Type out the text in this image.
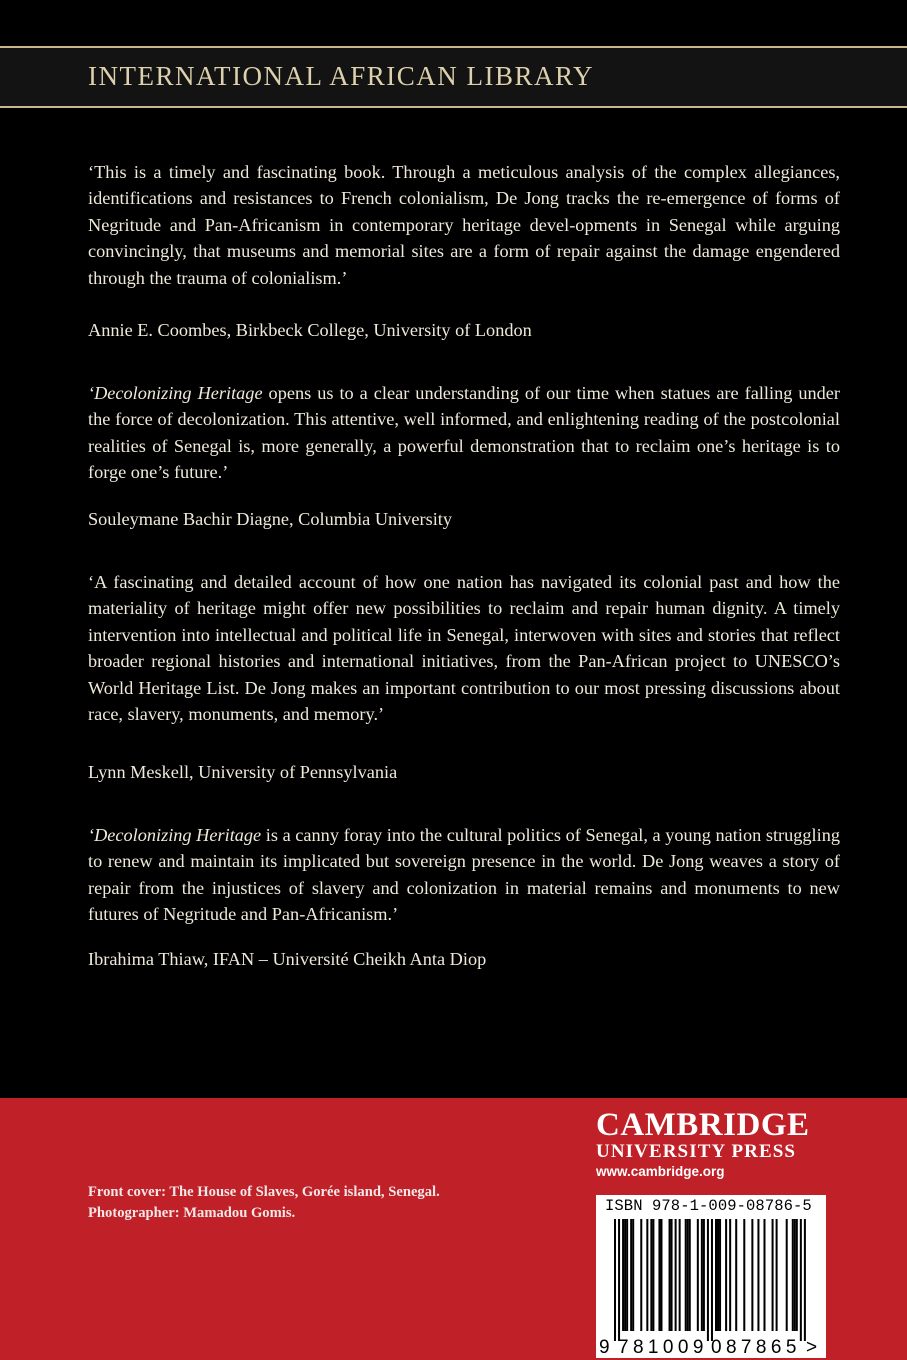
INTERNATIONAL AFRICAN LIBRARY

‘This is a timely and fascinating book. Through a meticulous analysis of the complex allegiances, identifications and resistances to French colonialism, De Jong tracks the re-emergence of forms of Negritude and Pan-Africanism in contemporary heritage devel-opments in Senegal while arguing convincingly, that museums and memorial sites are a form of repair against the damage engendered through the trauma of colonialism.’

Annie E. Coombes, Birkbeck College, University of London

‘Decolonizing Heritage opens us to a clear understanding of our time when statues are falling under the force of decolonization. This attentive, well informed, and enlightening reading of the postcolonial realities of Senegal is, more generally, a powerful demonstration that to reclaim one’s heritage is to forge one’s future.’

Souleymane Bachir Diagne, Columbia University

‘A fascinating and detailed account of how one nation has navigated its colonial past and how the materiality of heritage might offer new possibilities to reclaim and repair human dignity. A timely intervention into intellectual and political life in Senegal, interwoven with sites and stories that reflect broader regional histories and international initiatives, from the Pan-African project to UNESCO’s World Heritage List. De Jong makes an important contribution to our most pressing discussions about race, slavery, monuments, and memory.’

Lynn Meskell, University of Pennsylvania

‘Decolonizing Heritage is a canny foray into the cultural politics of Senegal, a young nation struggling to renew and maintain its implicated but sovereign presence in the world. De Jong weaves a story of repair from the injustices of slavery and colonization in material remains and monuments to new futures of Negritude and Pan-Africanism.’

Ibrahima Thiaw, IFAN – Université Cheikh Anta Diop
Front cover: The House of Slaves, Gorée island, Senegal.
Photographer: Mamadou Gomis.
CAMBRIDGE
UNIVERSITY PRESS
www.cambridge.org
9 781009 087865 >
ISBN 978-1-009-08786-5
